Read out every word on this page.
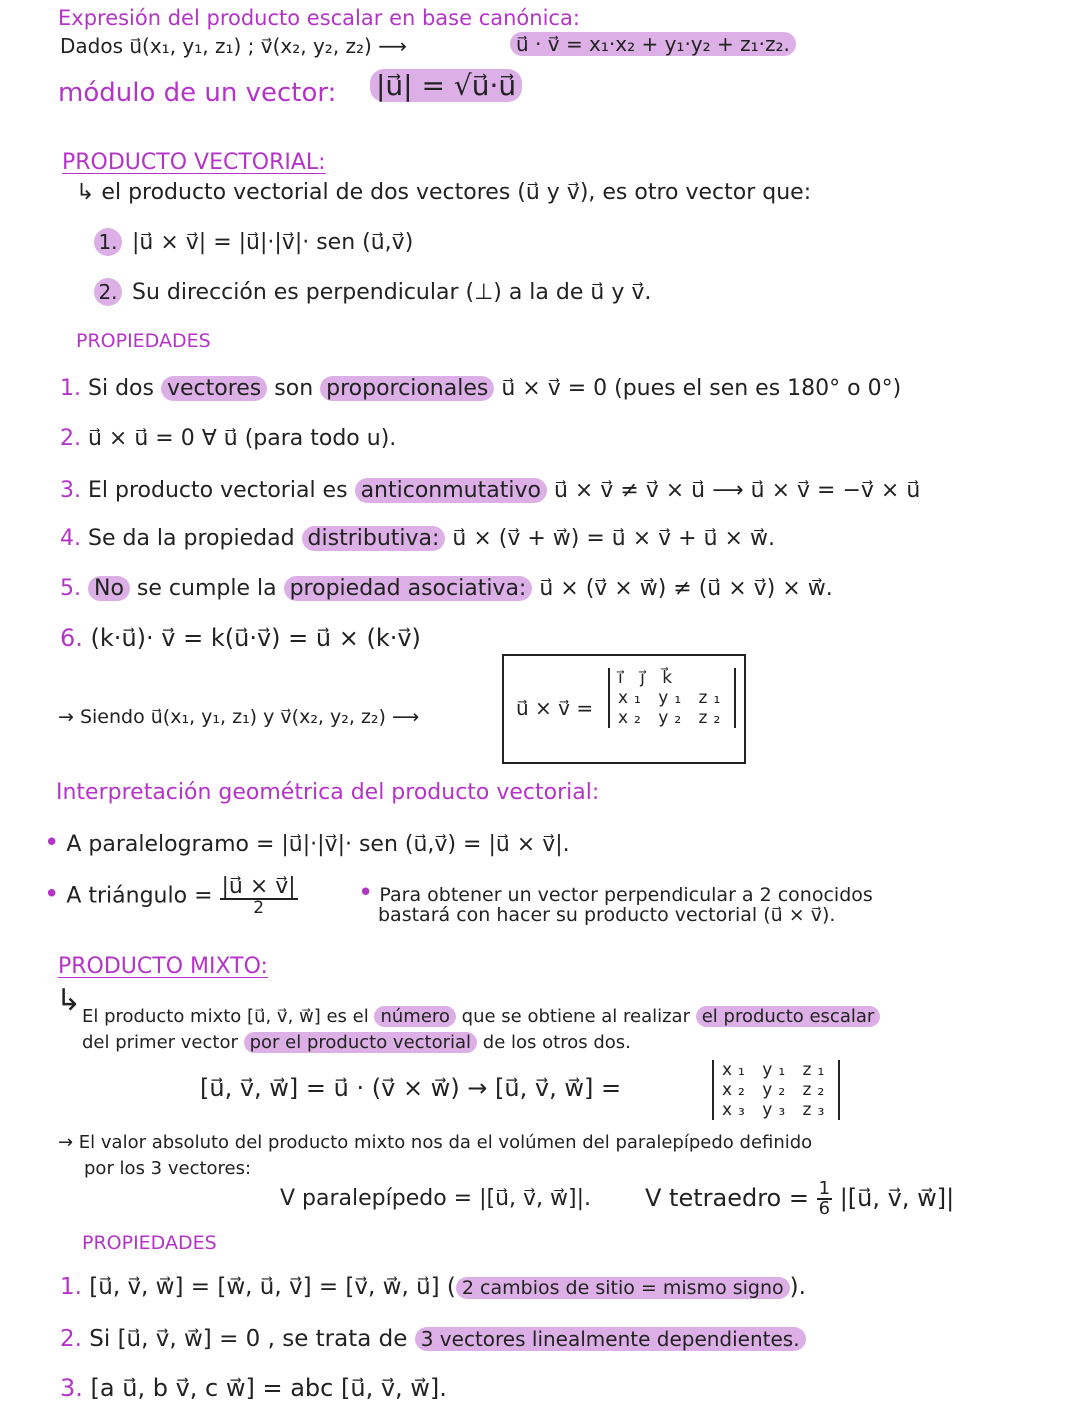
Expresión del producto escalar en base canónica:
Dados u⃗(x₁, y₁, z₁) ; v⃗(x₂, y₂, z₂) ⟶	u⃗ · v⃗ = x₁·x₂ + y₁·y₂ + z₁·z₂.
módulo de un vector: |u⃗| = √u⃗·u⃗
PRODUCTO VECTORIAL:
↳ el producto vectorial de dos vectores (u⃗ y v⃗), es otro vector que:
1. |u⃗ × v⃗| = |u⃗|·|v⃗|· sen (u⃗,v⃗)
2. Su dirección es perpendicular (⊥) a la de u⃗ y v⃗.
PROPIEDADES
1. Si dos vectores son proporcionales u⃗ × v⃗ = 0 (pues el sen es 180° o 0°)
2. u⃗ × u⃗ = 0 ∀ u⃗ (para todo u).
3. El producto vectorial es anticonmutativo u⃗ × v⃗ ≠ v⃗ × u⃗ ⟶ u⃗ × v⃗ = −v⃗ × u⃗
4. Se da la propiedad distributiva: u⃗ × (v⃗ + w⃗) = u⃗ × v⃗ + u⃗ × w⃗.
5. No se cumple la propiedad asociativa: u⃗ × (v⃗ × w⃗) ≠ (u⃗ × v⃗) × w⃗.
6. (k·u⃗)· v⃗ = k(u⃗·v⃗) = u⃗ × (k·v⃗)
→ Siendo u⃗(x₁, y₁, z₁) y v⃗(x₂, y₂, z₂) ⟶	u⃗ × v⃗ =
i⃗ j⃗ k⃗
x₁ y₁ z₁
x₂ y₂ z₂
Interpretación geométrica del producto vectorial:
• A paralelogramo = |u⃗|·|v⃗|· sen (u⃗,v⃗) = |u⃗ × v⃗|.
• A triángulo = $\frac{|u⃗ \times v⃗|}{2}$ • Para obtener un vector perpendicular a 2 conocidos
bastará con hacer su producto vectorial (u⃗ × v⃗).
PRODUCTO MIXTO:
↳ El producto mixto [u⃗, v⃗, w⃗] es el número que se obtiene al realizar el producto escalar
del primer vector por el producto vectorial de los otros dos.
[u⃗, v⃗, w⃗] = u⃗ · (v⃗ × w⃗) → [u⃗, v⃗, w⃗] =
x₁ y₁ z₁
x₂ y₂ z₂
x₃ y₃ z₃
→ El valor absoluto del producto mixto nos da el volúmen del paralepípedo definido
por los 3 vectores:
V paralepípedo = |[u⃗, v⃗, w⃗]|. V tetraedro = $\frac{1}{6}$ |[u⃗, v⃗, w⃗]|
PROPIEDADES
1. [u⃗, v⃗, w⃗] = [w⃗, u⃗, v⃗] = [v⃗, w⃗, u⃗] ( 2 cambios de sitio = mismo signo ).
2. Si [u⃗, v⃗, w⃗] = 0 , se trata de 3 vectores linealmente dependientes.
3. [a u⃗, b v⃗, c w⃗] = abc [u⃗, v⃗, w⃗].
